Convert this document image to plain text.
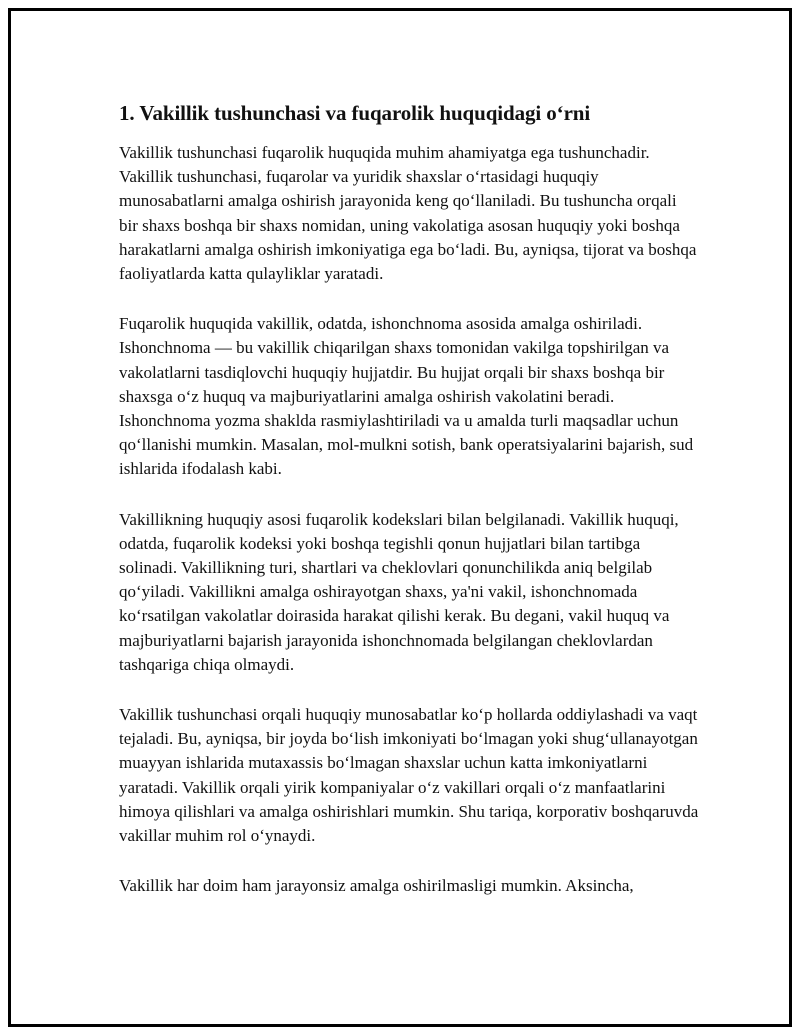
1. Vakillik tushunchasi va fuqarolik huquqidagi o‘rni

Vakillik tushunchasi fuqarolik huquqida muhim ahamiyatga ega tushunchadir. Vakillik tushunchasi, fuqarolar va yuridik shaxslar o‘rtasidagi huquqiy munosabatlarni amalga oshirish jarayonida keng qo‘llaniladi. Bu tushuncha orqali bir shaxs boshqa bir shaxs nomidan, uning vakolatiga asosan huquqiy yoki boshqa harakatlarni amalga oshirish imkoniyatiga ega bo‘ladi. Bu, ayniqsa, tijorat va boshqa faoliyatlarda katta qulayliklar yaratadi.

Fuqarolik huquqida vakillik, odatda, ishonchnoma asosida amalga oshiriladi. Ishonchnoma — bu vakillik chiqarilgan shaxs tomonidan vakilga topshirilgan va vakolatlarni tasdiqlovchi huquqiy hujjatdir. Bu hujjat orqali bir shaxs boshqa bir shaxsga o‘z huquq va majburiyatlarini amalga oshirish vakolatini beradi. Ishonchnoma yozma shaklda rasmiylashtiriladi va u amalda turli maqsadlar uchun qo‘llanishi mumkin. Masalan, mol-mulkni sotish, bank operatsiyalarini bajarish, sud ishlarida ifodalash kabi.

Vakillikning huquqiy asosi fuqarolik kodekslari bilan belgilanadi. Vakillik huquqi, odatda, fuqarolik kodeksi yoki boshqa tegishli qonun hujjatlari bilan tartibga solinadi. Vakillikning turi, shartlari va cheklovlari qonunchilikda aniq belgilab qo‘yiladi. Vakillikni amalga oshirayotgan shaxs, ya'ni vakil, ishonchnomada ko‘rsatilgan vakolatlar doirasida harakat qilishi kerak. Bu degani, vakil huquq va majburiyatlarni bajarish jarayonida ishonchnomada belgilangan cheklovlardan tashqariga chiqa olmaydi.

Vakillik tushunchasi orqali huquqiy munosabatlar ko‘p hollarda oddiylashadi va vaqt tejaladi. Bu, ayniqsa, bir joyda bo‘lish imkoniyati bo‘lmagan yoki shug‘ullanayotgan muayyan ishlarida mutaxassis bo‘lmagan shaxslar uchun katta imkoniyatlarni yaratadi. Vakillik orqali yirik kompaniyalar o‘z vakillari orqali o‘z manfaatlarini himoya qilishlari va amalga oshirishlari mumkin. Shu tariqa, korporativ boshqaruvda vakillar muhim rol o‘ynaydi.

Vakillik har doim ham jarayonsiz amalga oshirilmasligi mumkin. Aksincha,
